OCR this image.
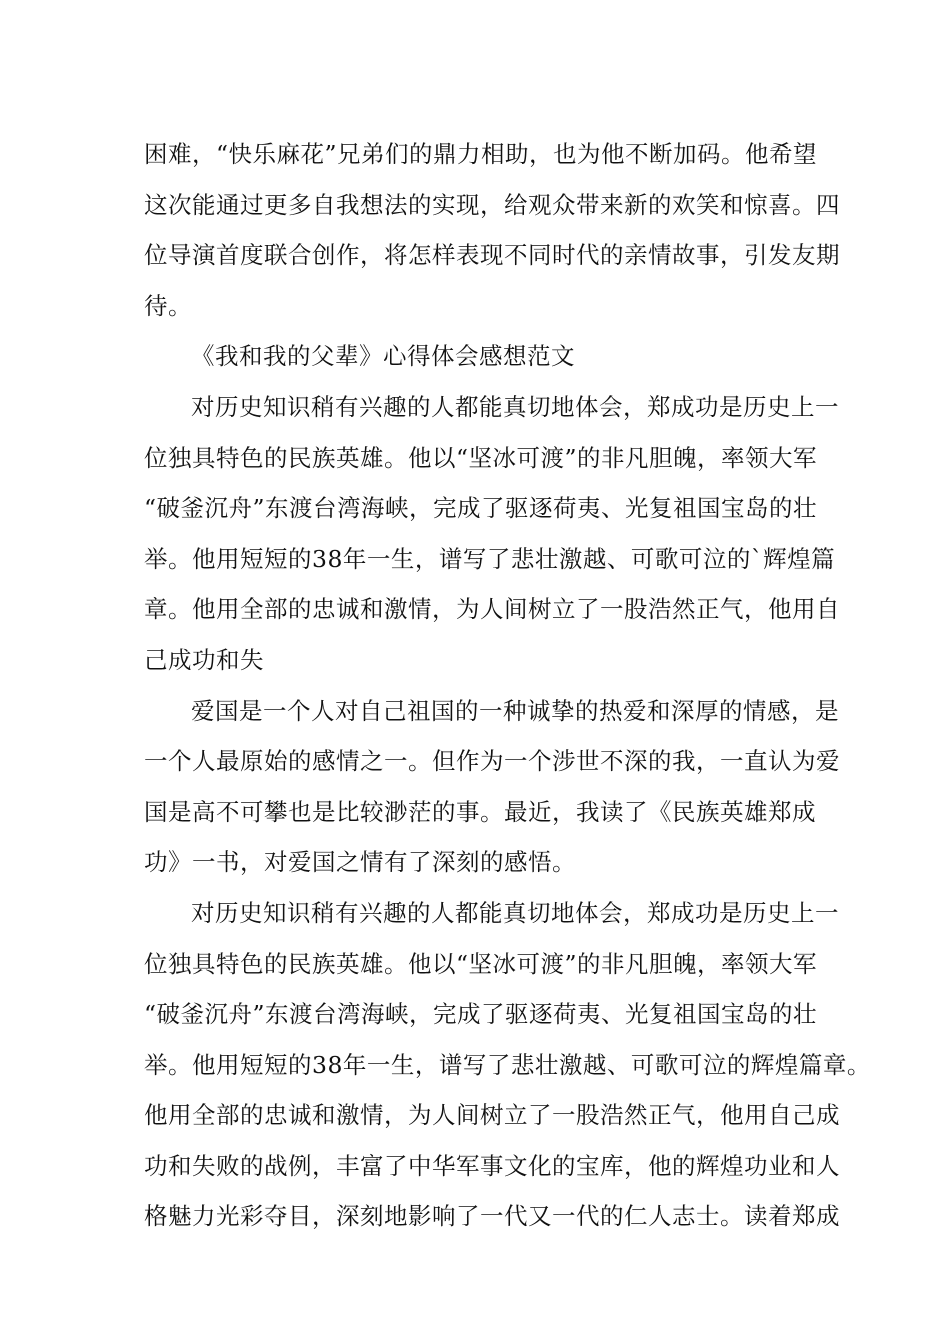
困难，“快乐麻花”兄弟们的鼎力相助，也为他不断加码。他希望
这次能通过更多自我想法的实现，给观众带来新的欢笑和惊喜。四
位导演首度联合创作，将怎样表现不同时代的亲情故事，引发友期
待。
《我和我的父辈》心得体会感想范文
对历史知识稍有兴趣的人都能真切地体会，郑成功是历史上一
位独具特色的民族英雄。他以“坚冰可渡”的非凡胆魄，率领大军
“破釜沉舟”东渡台湾海峡，完成了驱逐荷夷、光复祖国宝岛的壮
举。他用短短的38年一生，谱写了悲壮激越、可歌可泣的`辉煌篇
章。他用全部的忠诚和激情，为人间树立了一股浩然正气，他用自
己成功和失
爱国是一个人对自己祖国的一种诚挚的热爱和深厚的情感，是
一个人最原始的感情之一。但作为一个涉世不深的我，一直认为爱
国是高不可攀也是比较渺茫的事。最近，我读了《民族英雄郑成
功》一书，对爱国之情有了深刻的感悟。
对历史知识稍有兴趣的人都能真切地体会，郑成功是历史上一
位独具特色的民族英雄。他以“坚冰可渡”的非凡胆魄，率领大军
“破釜沉舟”东渡台湾海峡，完成了驱逐荷夷、光复祖国宝岛的壮
举。他用短短的38年一生，谱写了悲壮激越、可歌可泣的辉煌篇章。
他用全部的忠诚和激情，为人间树立了一股浩然正气，他用自己成
功和失败的战例，丰富了中华军事文化的宝库，他的辉煌功业和人
格魅力光彩夺目，深刻地影响了一代又一代的仁人志士。读着郑成
